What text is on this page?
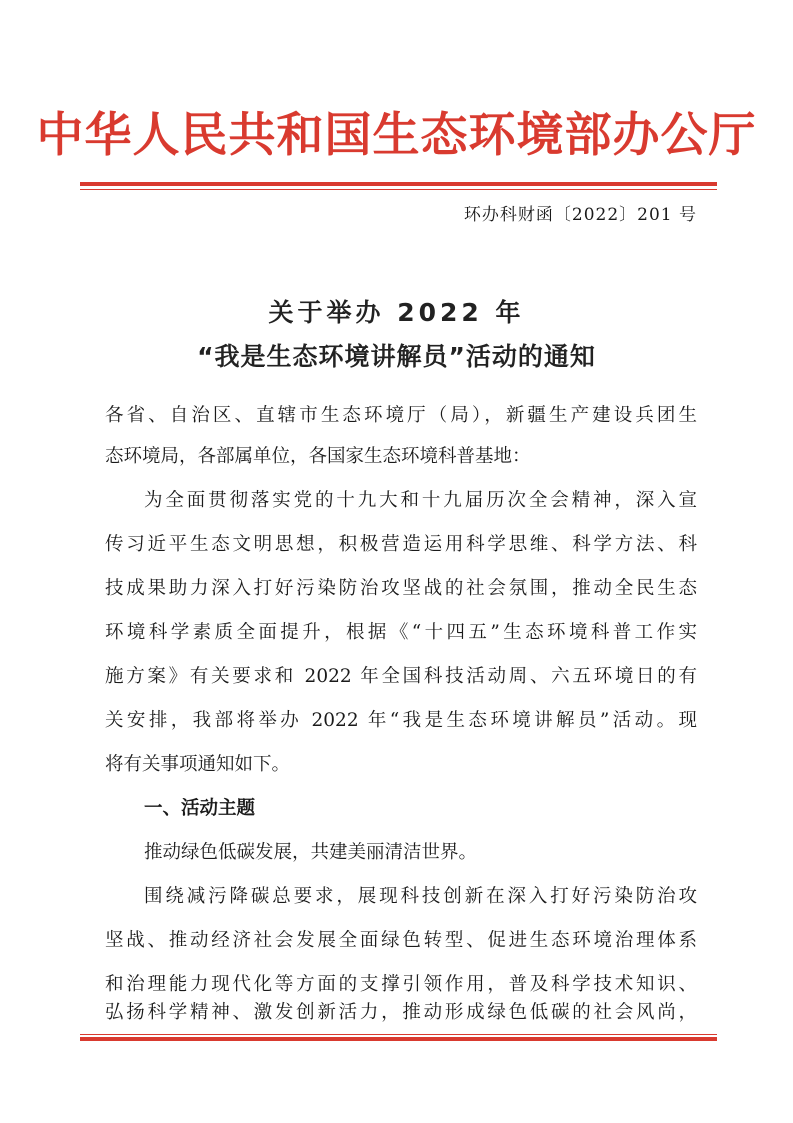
中华人民共和国生态环境部办公厅
环办科财函〔2022〕201 号
关于举办 2022 年
“我是生态环境讲解员”活动的通知
各省、自治区、直辖市生态环境厅（局），新疆生产建设兵团生
态环境局，各部属单位，各国家生态环境科普基地：
为全面贯彻落实党的十九大和十九届历次全会精神，深入宣
传习近平生态文明思想，积极营造运用科学思维、科学方法、科
技成果助力深入打好污染防治攻坚战的社会氛围，推动全民生态
环境科学素质全面提升，根据《“十四五”生态环境科普工作实
施方案》有关要求和 2022 年全国科技活动周、六五环境日的有
关安排，我部将举办 2022 年“我是生态环境讲解员”活动。现
将有关事项通知如下。
一、活动主题
推动绿色低碳发展，共建美丽清洁世界。
围绕减污降碳总要求，展现科技创新在深入打好污染防治攻
坚战、推动经济社会发展全面绿色转型、促进生态环境治理体系
和治理能力现代化等方面的支撑引领作用，普及科学技术知识、
弘扬科学精神、激发创新活力，推动形成绿色低碳的社会风尚，
